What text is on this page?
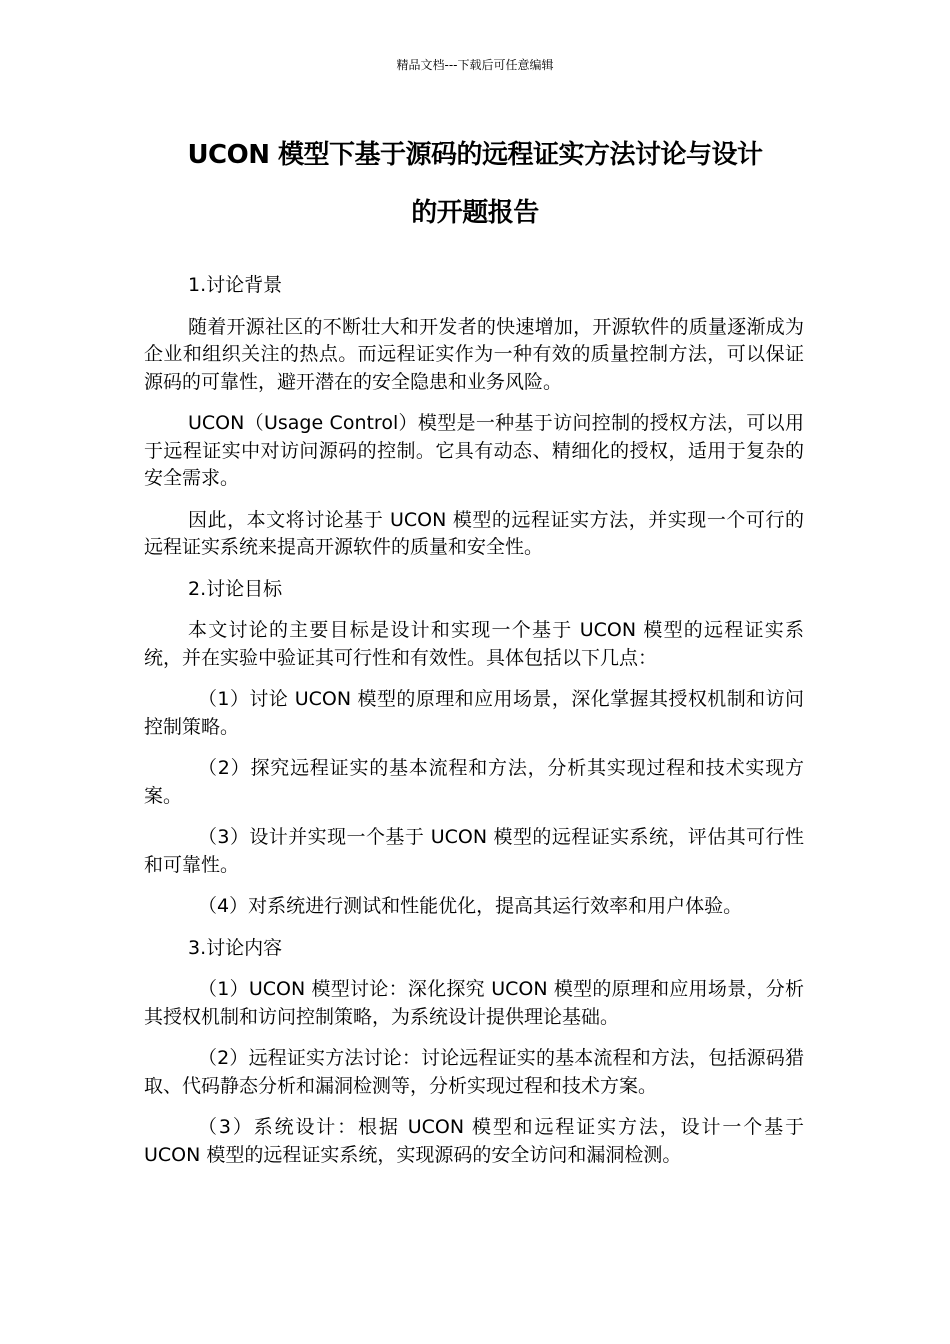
精品文档---下载后可任意编辑
UCON 模型下基于源码的远程证实方法讨论与设计
的开题报告

1.讨论背景

随着开源社区的不断壮大和开发者的快速增加，开源软件的质量逐渐成为企业和组织关注的热点。而远程证实作为一种有效的质量控制方法，可以保证源码的可靠性，避开潜在的安全隐患和业务风险。

UCON（Usage Control）模型是一种基于访问控制的授权方法，可以用于远程证实中对访问源码的控制。它具有动态、精细化的授权，适用于复杂的安全需求。

因此，本文将讨论基于 UCON 模型的远程证实方法，并实现一个可行的远程证实系统来提高开源软件的质量和安全性。

2.讨论目标

本文讨论的主要目标是设计和实现一个基于 UCON 模型的远程证实系统，并在实验中验证其可行性和有效性。具体包括以下几点：

（1）讨论 UCON 模型的原理和应用场景，深化掌握其授权机制和访问控制策略。

（2）探究远程证实的基本流程和方法，分析其实现过程和技术实现方案。

（3）设计并实现一个基于 UCON 模型的远程证实系统，评估其可行性和可靠性。

（4）对系统进行测试和性能优化，提高其运行效率和用户体验。

3.讨论内容

（1）UCON 模型讨论：深化探究 UCON 模型的原理和应用场景，分析其授权机制和访问控制策略，为系统设计提供理论基础。

（2）远程证实方法讨论：讨论远程证实的基本流程和方法，包括源码猎取、代码静态分析和漏洞检测等，分析实现过程和技术方案。

（3）系统设计：根据 UCON 模型和远程证实方法，设计一个基于 UCON 模型的远程证实系统，实现源码的安全访问和漏洞检测。
